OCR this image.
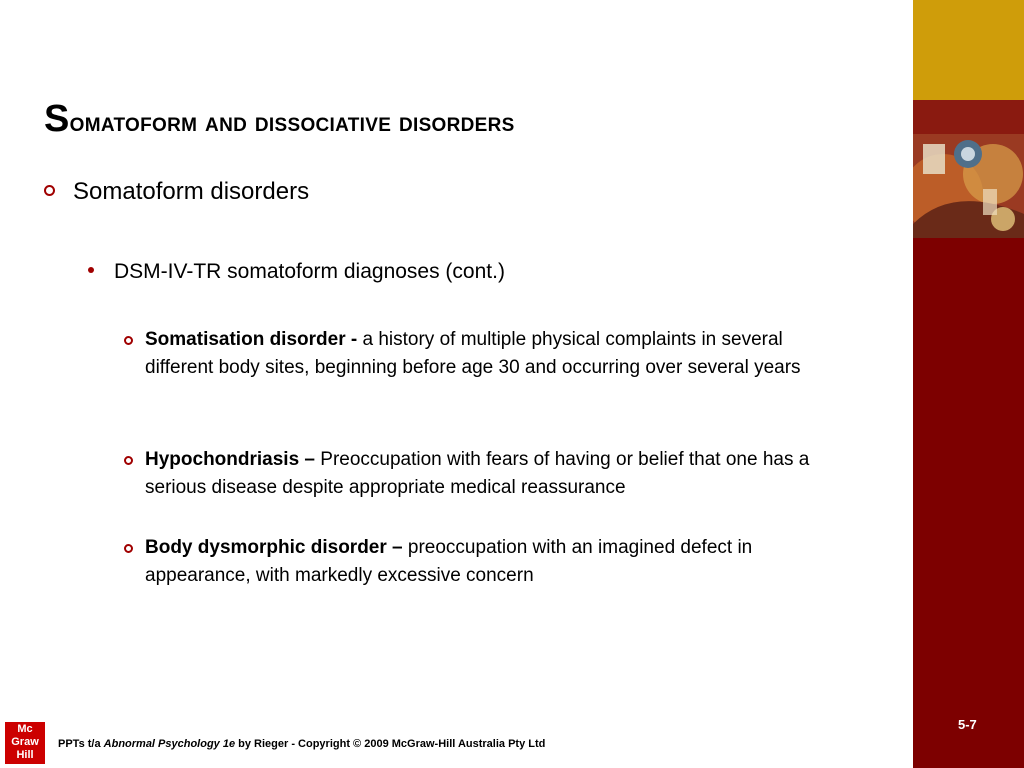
Somatoform and dissociative disorders
Somatoform disorders
DSM-IV-TR somatoform diagnoses (cont.)
Somatisation disorder - a history of multiple physical complaints in several different body sites, beginning before age 30 and occurring over several years
Hypochondriasis – Preoccupation with fears of having or belief that one has a serious disease despite appropriate medical reassurance
Body dysmorphic disorder – preoccupation with an imagined defect in appearance, with markedly excessive concern
Mc
Graw
Hill
PPTs t/a Abnormal Psychology 1e by Rieger - Copyright © 2009 McGraw-Hill Australia Pty Ltd
5-7
